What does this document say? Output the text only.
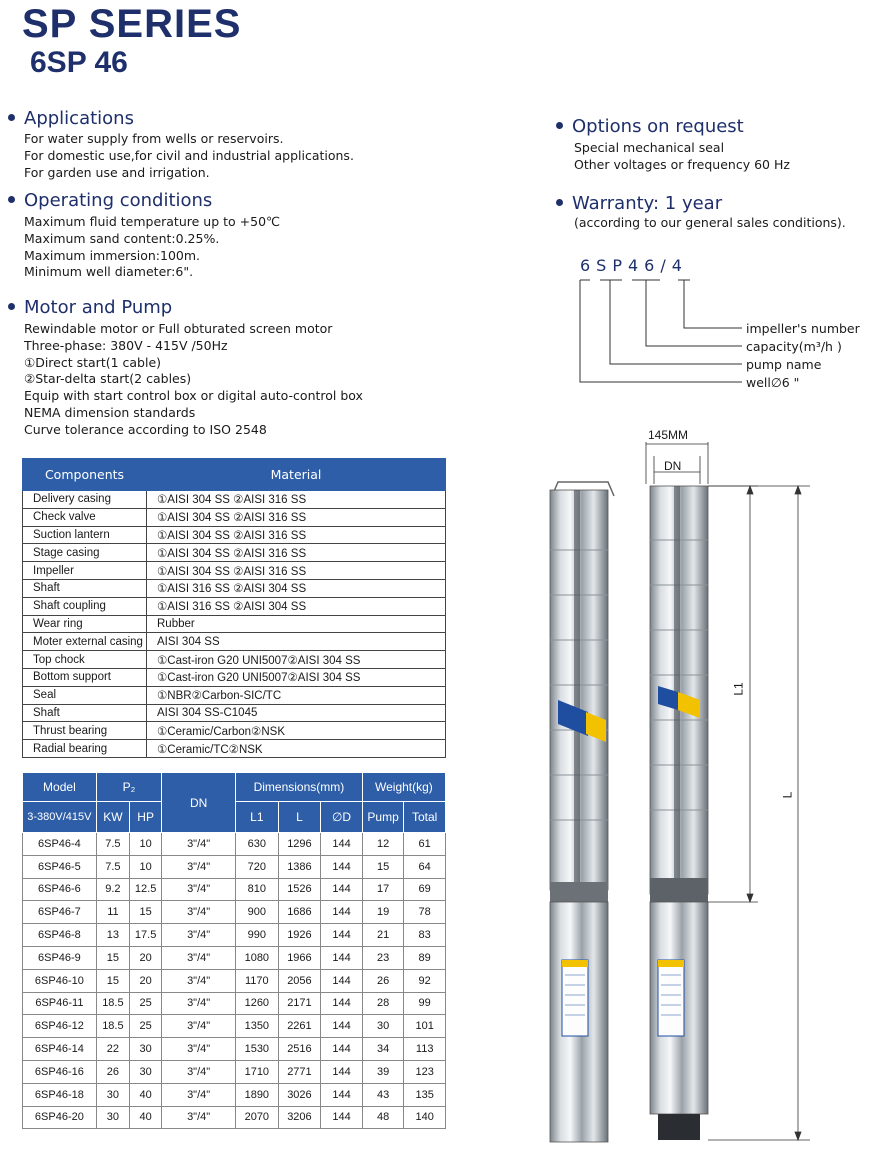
SP SERIES
6SP 46
Applications
For water supply from wells or reservoirs.
For domestic use,for civil and industrial applications.
For garden use and irrigation.
Operating conditions
Maximum fluid temperature up to +50℃
Maximum sand content:0.25%.
Maximum immersion:100m.
Minimum well diameter:6".
Motor and Pump
Rewindable motor or Full obturated screen motor
Three-phase: 380V - 415V /50Hz
①Direct start(1 cable)
②Star-delta start(2 cables)
Equip with start control box or digital auto-control box
NEMA dimension standards
Curve tolerance according to ISO 2548
Options on request
Special mechanical seal
Other voltages or frequency 60 Hz
Warranty: 1 year
(according to our general sales conditions).
6SP46/4
impeller's number
capacity(m³/h )
pump name
well∅6 "
Components	Material
Delivery casing	①AISI 304 SS ②AISI 316 SS
Check valve	①AISI 304 SS ②AISI 316 SS
Suction lantern	①AISI 304 SS ②AISI 316 SS
Stage casing	①AISI 304 SS ②AISI 316 SS
Impeller	①AISI 304 SS ②AISI 316 SS
Shaft	①AISI 316 SS ②AISI 304 SS
Shaft coupling	①AISI 316 SS ②AISI 304 SS
Wear ring	Rubber
Moter external casing	AISI 304 SS
Top chock	①Cast-iron G20 UNI5007②AISI 304 SS
Bottom support	①Cast-iron G20 UNI5007②AISI 304 SS
Seal	①NBR②Carbon-SIC/TC
Shaft	AISI 304 SS-C1045
Thrust bearing	①Ceramic/Carbon②NSK
Radial bearing	①Ceramic/TC②NSK
Model	P₂		DN	Dimensions(mm)			Weight(kg)	
3-380V/415V	KW	HP		L1	L	∅D	Pump	Total
6SP46-4	7.5	10	3"/4"	630	1296	144	12	61
6SP46-5	7.5	10	3"/4"	720	1386	144	15	64
6SP46-6	9.2	12.5	3"/4"	810	1526	144	17	69
6SP46-7	11	15	3"/4"	900	1686	144	19	78
6SP46-8	13	17.5	3"/4"	990	1926	144	21	83
6SP46-9	15	20	3"/4"	1080	1966	144	23	89
6SP46-10	15	20	3"/4"	1170	2056	144	26	92
6SP46-11	18.5	25	3"/4"	1260	2171	144	28	99
6SP46-12	18.5	25	3"/4"	1350	2261	144	30	101
6SP46-14	22	30	3"/4"	1530	2516	144	34	113
6SP46-16	26	30	3"/4"	1710	2771	144	39	123
6SP46-18	30	40	3"/4"	1890	3026	144	43	135
6SP46-20	30	40	3"/4"	2070	3206	144	48	140
145MM
DN
L1
L
